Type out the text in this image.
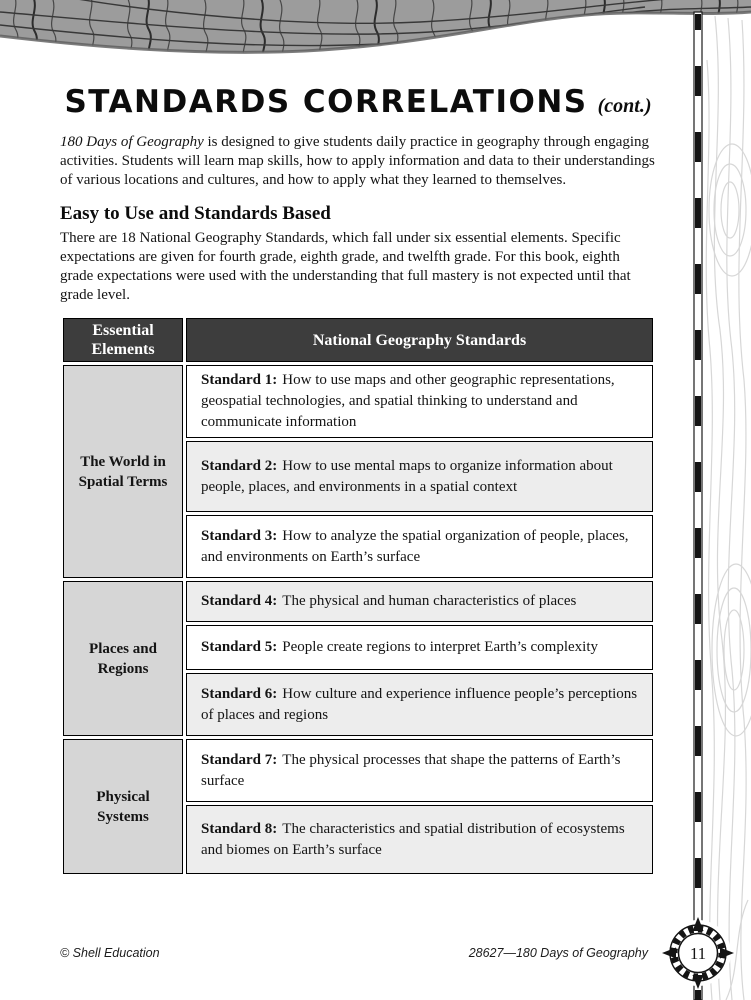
11
STANDARDS CORRELATIONS (cont.)

180 Days of Geography is designed to give students daily practice in geography through engaging activities. Students will learn map skills, how to apply information and data to their understandings of various locations and cultures, and how to apply what they learned to themselves.

Easy to Use and Standards Based

There are 18 National Geography Standards, which fall under six essential elements. Specific expectations are given for fourth grade, eighth grade, and twelfth grade. For this book, eighth grade expectations were used with the understanding that full mastery is not expected until that grade level.

Essential Elements	National Geography Standards
The World in Spatial Terms	Standard 1: How to use maps and other geographic representations, geospatial technologies, and spatial thinking to understand and communicate information
	Standard 2: How to use mental maps to organize information about people, places, and environments in a spatial context
	Standard 3: How to analyze the spatial organization of people, places, and environments on Earth’s surface
Places and Regions	Standard 4: The physical and human characteristics of places
	Standard 5: People create regions to interpret Earth’s complexity
	Standard 6: How culture and experience influence people’s perceptions of places and regions
Physical Systems	Standard 7: The physical processes that shape the patterns of Earth’s surface
	Standard 8: The characteristics and spatial distribution of ecosystems and biomes on Earth’s surface
© Shell Education	28627—180 Days of Geography
